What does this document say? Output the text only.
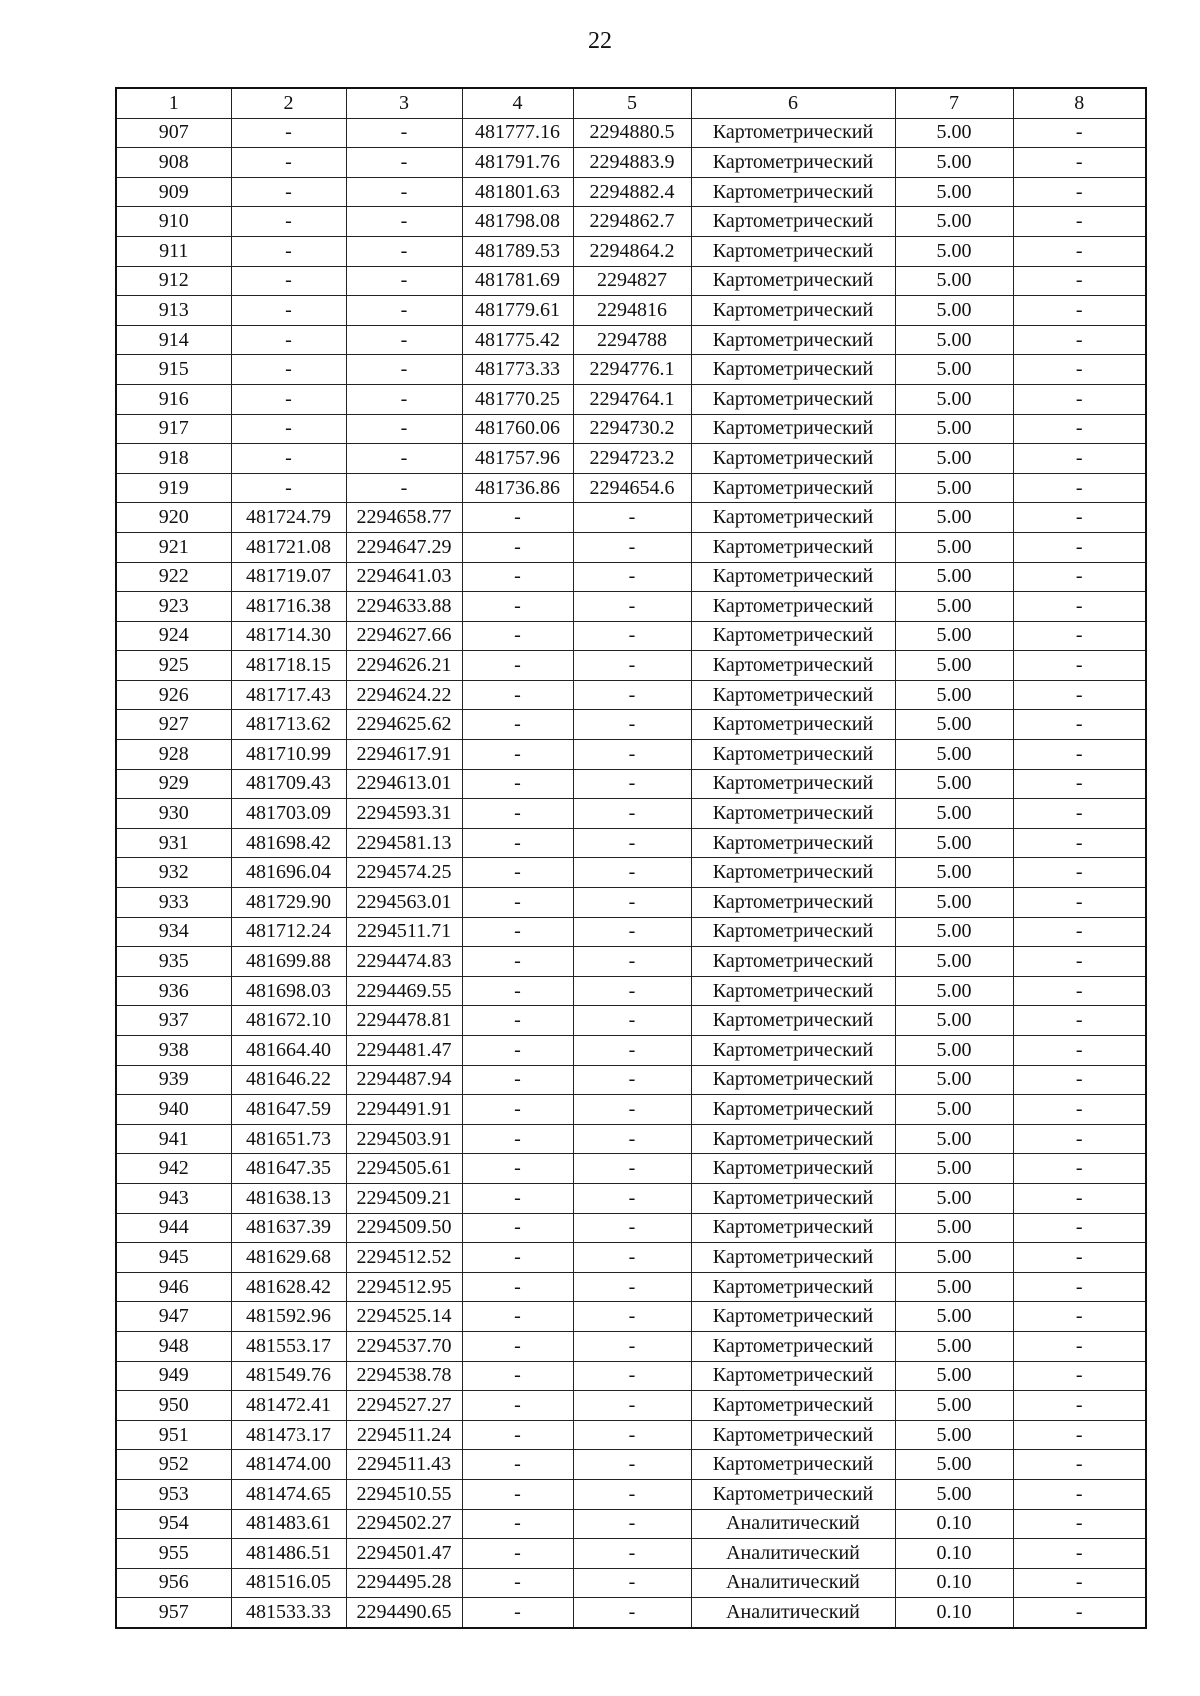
22
1	2	3	4	5	6	7	8
907	-	-	481777.16	2294880.5	Картометрический	5.00	-
908	-	-	481791.76	2294883.9	Картометрический	5.00	-
909	-	-	481801.63	2294882.4	Картометрический	5.00	-
910	-	-	481798.08	2294862.7	Картометрический	5.00	-
911	-	-	481789.53	2294864.2	Картометрический	5.00	-
912	-	-	481781.69	2294827	Картометрический	5.00	-
913	-	-	481779.61	2294816	Картометрический	5.00	-
914	-	-	481775.42	2294788	Картометрический	5.00	-
915	-	-	481773.33	2294776.1	Картометрический	5.00	-
916	-	-	481770.25	2294764.1	Картометрический	5.00	-
917	-	-	481760.06	2294730.2	Картометрический	5.00	-
918	-	-	481757.96	2294723.2	Картометрический	5.00	-
919	-	-	481736.86	2294654.6	Картометрический	5.00	-
920	481724.79	2294658.77	-	-	Картометрический	5.00	-
921	481721.08	2294647.29	-	-	Картометрический	5.00	-
922	481719.07	2294641.03	-	-	Картометрический	5.00	-
923	481716.38	2294633.88	-	-	Картометрический	5.00	-
924	481714.30	2294627.66	-	-	Картометрический	5.00	-
925	481718.15	2294626.21	-	-	Картометрический	5.00	-
926	481717.43	2294624.22	-	-	Картометрический	5.00	-
927	481713.62	2294625.62	-	-	Картометрический	5.00	-
928	481710.99	2294617.91	-	-	Картометрический	5.00	-
929	481709.43	2294613.01	-	-	Картометрический	5.00	-
930	481703.09	2294593.31	-	-	Картометрический	5.00	-
931	481698.42	2294581.13	-	-	Картометрический	5.00	-
932	481696.04	2294574.25	-	-	Картометрический	5.00	-
933	481729.90	2294563.01	-	-	Картометрический	5.00	-
934	481712.24	2294511.71	-	-	Картометрический	5.00	-
935	481699.88	2294474.83	-	-	Картометрический	5.00	-
936	481698.03	2294469.55	-	-	Картометрический	5.00	-
937	481672.10	2294478.81	-	-	Картометрический	5.00	-
938	481664.40	2294481.47	-	-	Картометрический	5.00	-
939	481646.22	2294487.94	-	-	Картометрический	5.00	-
940	481647.59	2294491.91	-	-	Картометрический	5.00	-
941	481651.73	2294503.91	-	-	Картометрический	5.00	-
942	481647.35	2294505.61	-	-	Картометрический	5.00	-
943	481638.13	2294509.21	-	-	Картометрический	5.00	-
944	481637.39	2294509.50	-	-	Картометрический	5.00	-
945	481629.68	2294512.52	-	-	Картометрический	5.00	-
946	481628.42	2294512.95	-	-	Картометрический	5.00	-
947	481592.96	2294525.14	-	-	Картометрический	5.00	-
948	481553.17	2294537.70	-	-	Картометрический	5.00	-
949	481549.76	2294538.78	-	-	Картометрический	5.00	-
950	481472.41	2294527.27	-	-	Картометрический	5.00	-
951	481473.17	2294511.24	-	-	Картометрический	5.00	-
952	481474.00	2294511.43	-	-	Картометрический	5.00	-
953	481474.65	2294510.55	-	-	Картометрический	5.00	-
954	481483.61	2294502.27	-	-	Аналитический	0.10	-
955	481486.51	2294501.47	-	-	Аналитический	0.10	-
956	481516.05	2294495.28	-	-	Аналитический	0.10	-
957	481533.33	2294490.65	-	-	Аналитический	0.10	-
